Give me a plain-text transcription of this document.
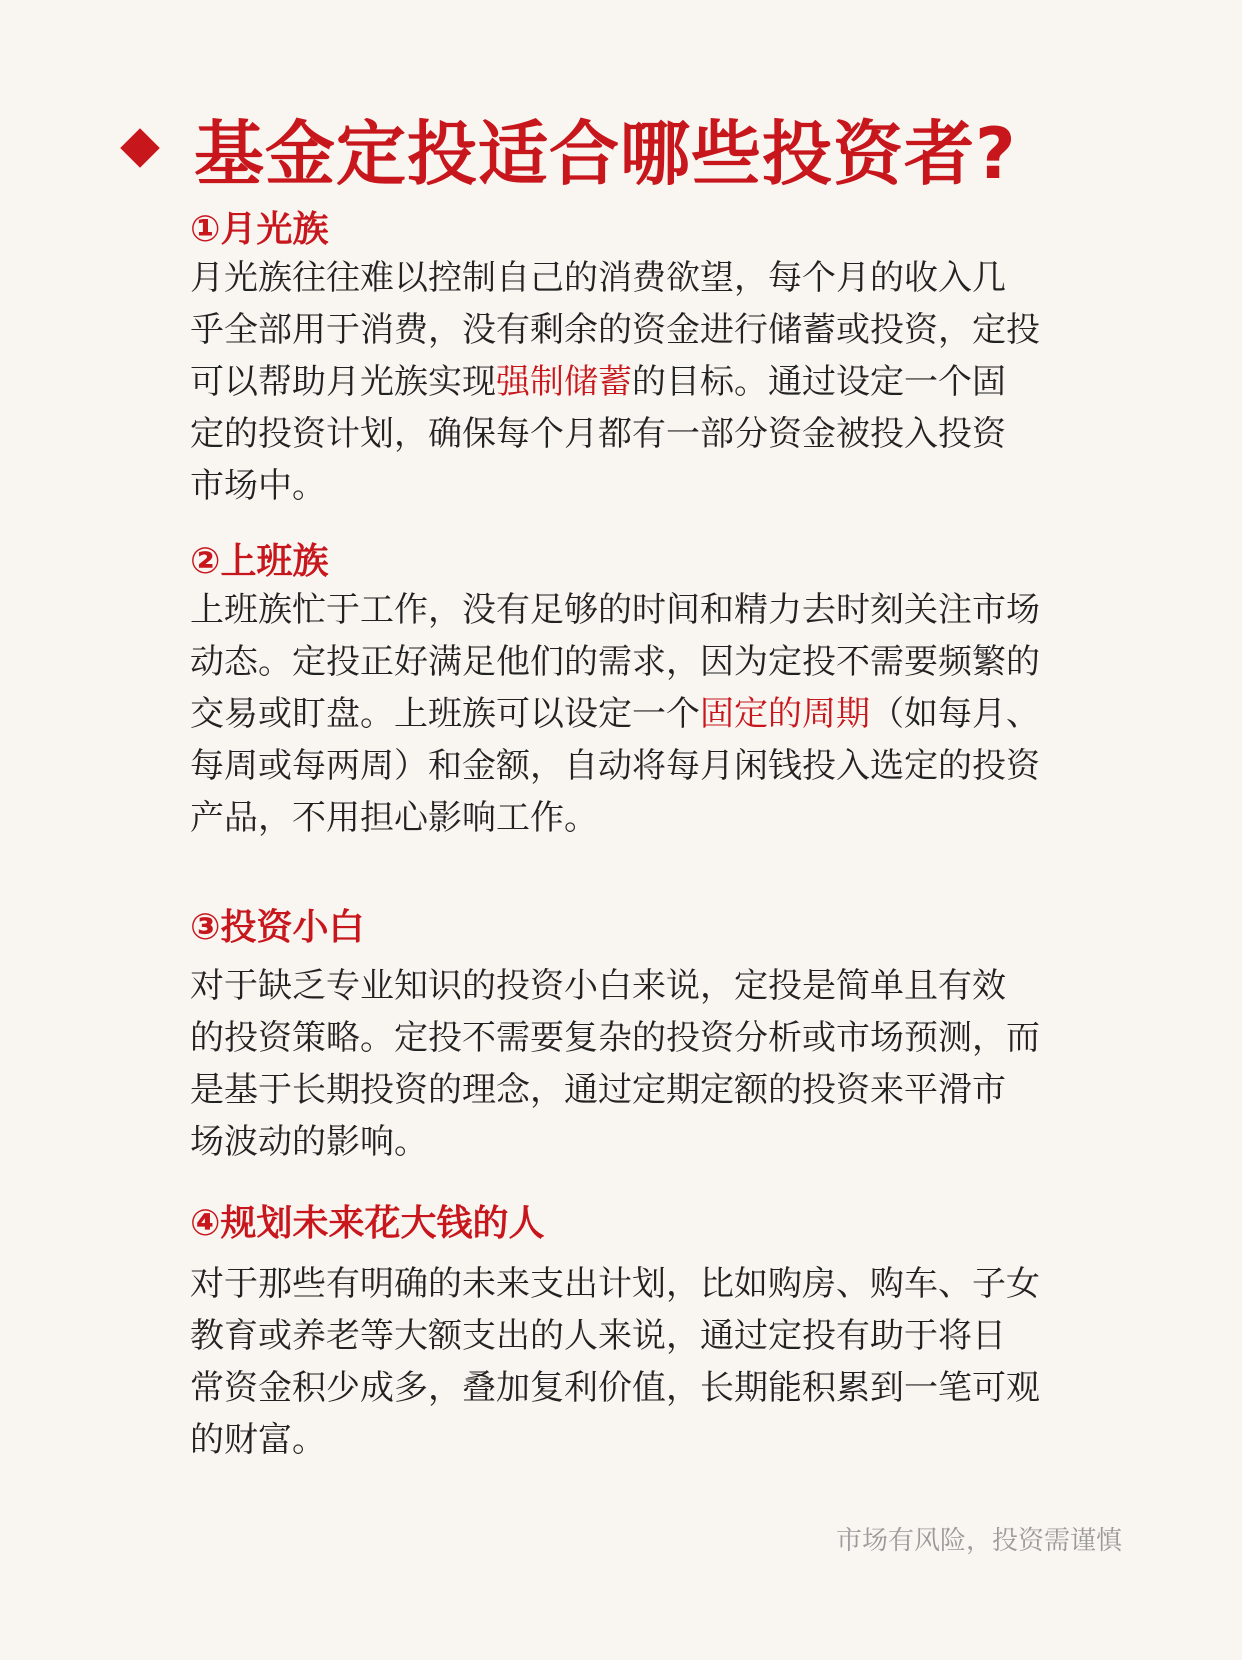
基金定投适合哪些投资者?
①月光族
月光族往往难以控制自己的消费欲望，每个月的收入几
乎全部用于消费，没有剩余的资金进行储蓄或投资，定投
可以帮助月光族实现强制储蓄的目标。通过设定一个固
定的投资计划，确保每个月都有一部分资金被投入投资
市场中。
②上班族
上班族忙于工作，没有足够的时间和精力去时刻关注市场
动态。定投正好满足他们的需求，因为定投不需要频繁的
交易或盯盘。上班族可以设定一个固定的周期（如每月、
每周或每两周）和金额，自动将每月闲钱投入选定的投资
产品，不用担心影响工作。
③投资小白
对于缺乏专业知识的投资小白来说，定投是简单且有效
的投资策略。定投不需要复杂的投资分析或市场预测，而
是基于长期投资的理念，通过定期定额的投资来平滑市
场波动的影响。
④规划未来花大钱的人
对于那些有明确的未来支出计划，比如购房、购车、子女
教育或养老等大额支出的人来说，通过定投有助于将日
常资金积少成多，叠加复利价值，长期能积累到一笔可观
的财富。
市场有风险，投资需谨慎
